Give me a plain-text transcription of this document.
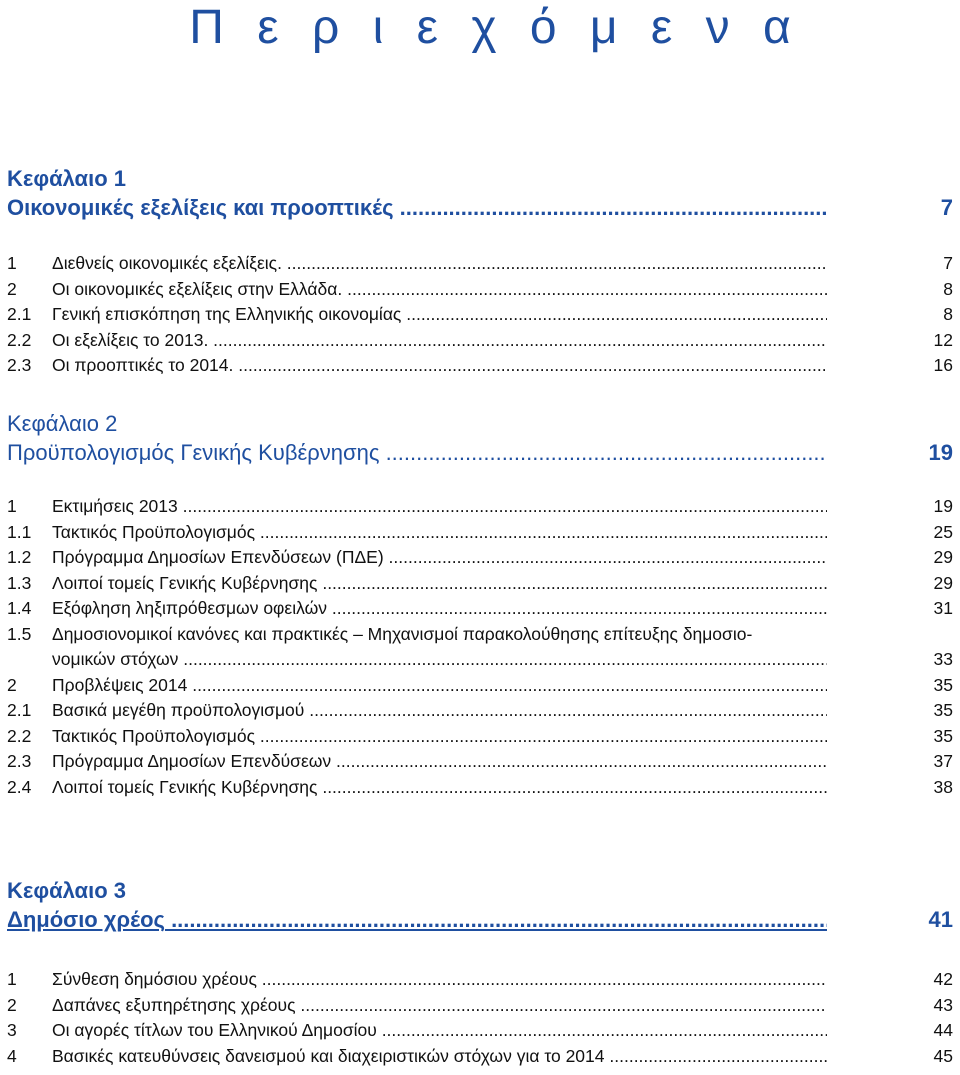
Π ε ρ ι ε χ ό μ ε ν α
Κεφάλαιο 1
Οικονομικές εξελίξεις και προοπτικές .....	7
1 Διεθνείς οικονομικές εξελίξεις. .....	7
2 Οι οικονομικές εξελίξεις στην Ελλάδα. .....	8
2.1 Γενική επισκόπηση της Ελληνικής οικονομίας .....	8
2.2 Οι εξελίξεις το 2013. .....	12
2.3 Οι προοπτικές το 2014. .....	16
Κεφάλαιο 2
Προϋπολογισμός Γενικής Κυβέρνησης .....	19
1 Εκτιμήσεις 2013 .....	19
1.1 Τακτικός Προϋπολογισμός .....	25
1.2 Πρόγραμμα Δημοσίων Επενδύσεων (ΠΔΕ) .....	29
1.3 Λοιποί τομείς Γενικής Κυβέρνησης .....	29
1.4 Εξόφληση ληξιπρόθεσμων οφειλών .....	31
1.5 Δημοσιονομικοί κανόνες και πρακτικές – Μηχανισμοί παρακολούθησης επίτευξης δημοσιο-
νομικών στόχων .....	33
2 Προβλέψεις 2014 .....	35
2.1 Βασικά μεγέθη προϋπολογισμού .....	35
2.2 Τακτικός Προϋπολογισμός .....	35
2.3 Πρόγραμμα Δημοσίων Επενδύσεων .....	37
2.4 Λοιποί τομείς Γενικής Κυβέρνησης .....	38
Κεφάλαιο 3
Δημόσιο χρέος .....	41
1 Σύνθεση δημόσιου χρέους .....	42
2 Δαπάνες εξυπηρέτησης χρέους .....	43
3 Οι αγορές τίτλων του Ελληνικού Δημοσίου .....	44
4 Βασικές κατευθύνσεις δανεισμού και διαχειριστικών στόχων για το 2014 .....	45
